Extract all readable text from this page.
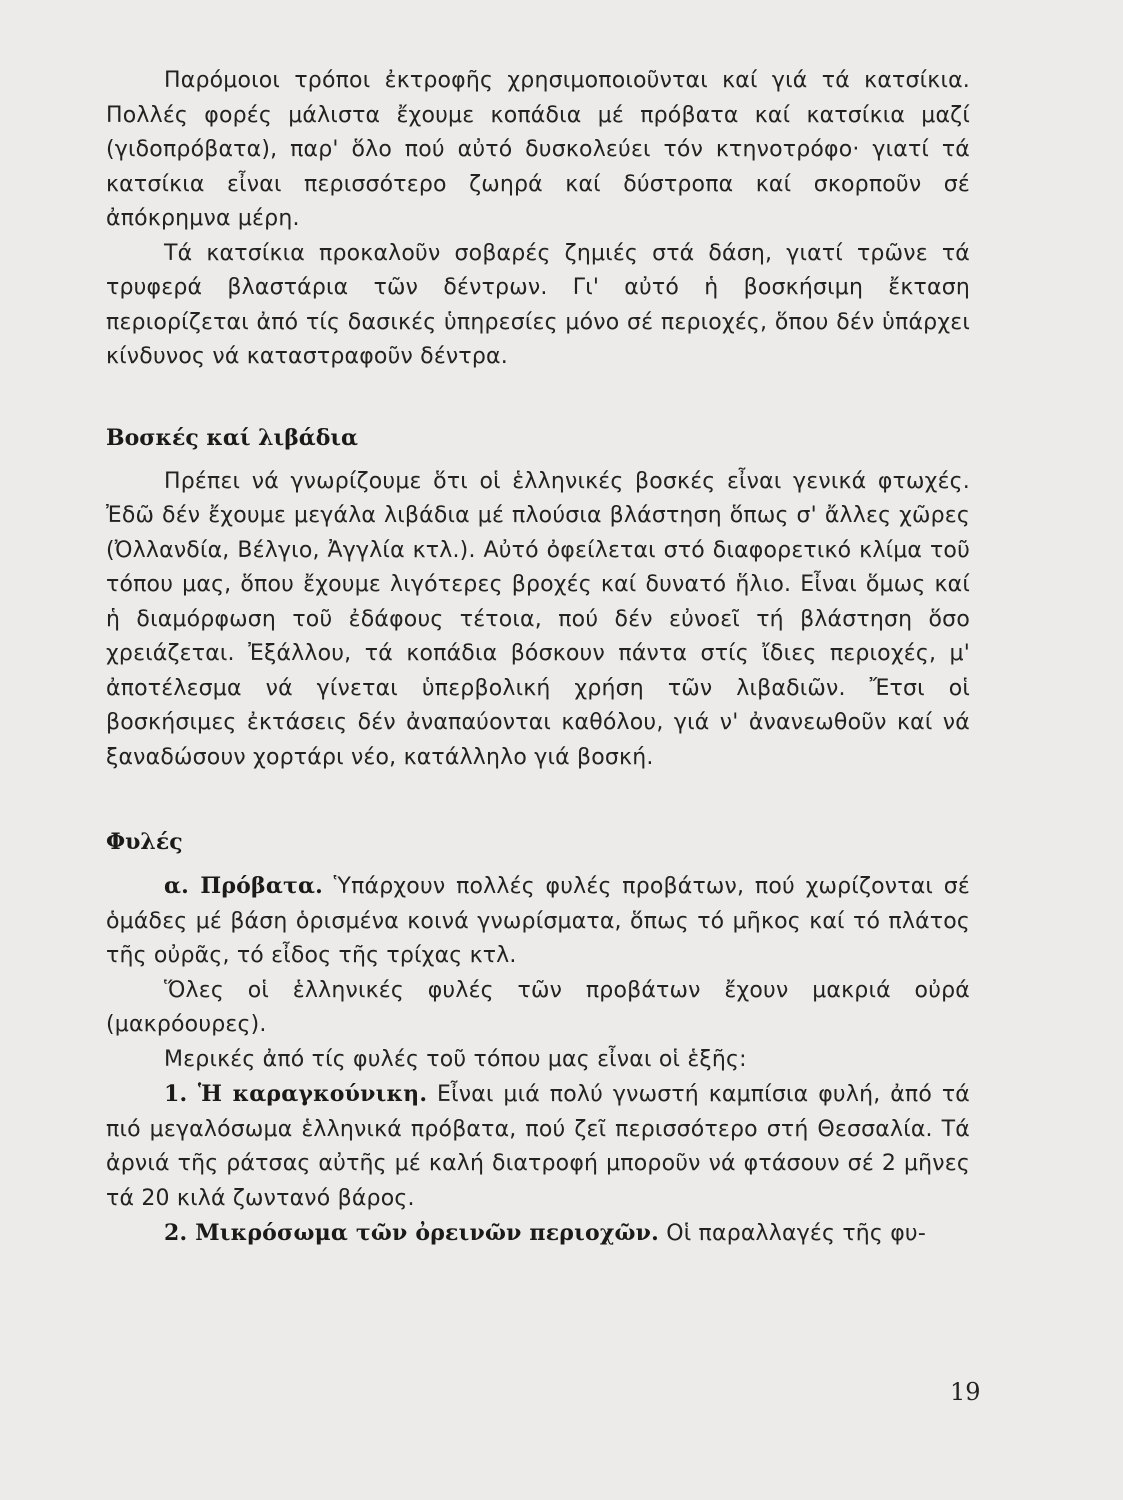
Παρόμοιοι τρόποι ἐκτροφῆς χρησιμοποιοῦνται καί γιά τά κατσίκια. Πολλές φορές μάλιστα ἔχουμε κοπάδια μέ πρόβατα καί κατσίκια μαζί (γιδοπρόβατα), παρ' ὅλο πού αὐτό δυσκολεύει τόν κτηνοτρόφο· γιατί τά κατσίκια εἶναι περισσότερο ζωηρά καί δύστροπα καί σκορποῦν σέ ἀπόκρημνα μέρη.

Τά κατσίκια προκαλοῦν σοβαρές ζημιές στά δάση, γιατί τρῶνε τά τρυφερά βλαστάρια τῶν δέντρων. Γι' αὐτό ἡ βοσκήσιμη ἔκταση περιορίζεται ἀπό τίς δασικές ὑπηρεσίες μόνο σέ περιοχές, ὅπου δέν ὑπάρχει κίνδυνος νά καταστραφοῦν δέντρα.

Βοσκές καί λιβάδια

Πρέπει νά γνωρίζουμε ὅτι οἱ ἑλληνικές βοσκές εἶναι γενικά φτωχές. Ἐδῶ δέν ἔχουμε μεγάλα λιβάδια μέ πλούσια βλάστηση ὅπως σ' ἄλλες χῶρες (Ὀλλανδία, Βέλγιο, Ἀγγλία κτλ.). Αὐτό ὀφείλεται στό διαφορετικό κλίμα τοῦ τόπου μας, ὅπου ἔχουμε λιγότερες βροχές καί δυνατό ἥλιο. Εἶναι ὅμως καί ἡ διαμόρφωση τοῦ ἐδάφους τέτοια, πού δέν εὐνοεῖ τή βλάστηση ὅσο χρειάζεται. Ἐξάλλου, τά κοπάδια βόσκουν πάντα στίς ἴδιες περιοχές, μ' ἀποτέλεσμα νά γίνεται ὑπερβολική χρήση τῶν λιβαδιῶν. Ἔτσι οἱ βοσκήσιμες ἐκτάσεις δέν ἀναπαύονται καθόλου, γιά ν' ἀνανεωθοῦν καί νά ξαναδώσουν χορτάρι νέο, κατάλληλο γιά βοσκή.

Φυλές

α. Πρόβατα. Ὑπάρχουν πολλές φυλές προβάτων, πού χωρίζονται σέ ὁμάδες μέ βάση ὁρισμένα κοινά γνωρίσματα, ὅπως τό μῆκος καί τό πλάτος τῆς οὐρᾶς, τό εἶδος τῆς τρίχας κτλ.

Ὅλες οἱ ἑλληνικές φυλές τῶν προβάτων ἔχουν μακριά οὐρά (μακρόουρες).

Μερικές ἀπό τίς φυλές τοῦ τόπου μας εἶναι οἱ ἑξῆς:

1. Ἡ καραγκούνικη. Εἶναι μιά πολύ γνωστή καμπίσια φυλή, ἀπό τά πιό μεγαλόσωμα ἑλληνικά πρόβατα, πού ζεῖ περισσότερο στή Θεσσαλία. Τά ἀρνιά τῆς ράτσας αὐτῆς μέ καλή διατροφή μποροῦν νά φτάσουν σέ 2 μῆνες τά 20 κιλά ζωντανό βάρος.

2. Μικρόσωμα τῶν ὀρεινῶν περιοχῶν. Οἱ παραλλαγές τῆς φυ-

19
